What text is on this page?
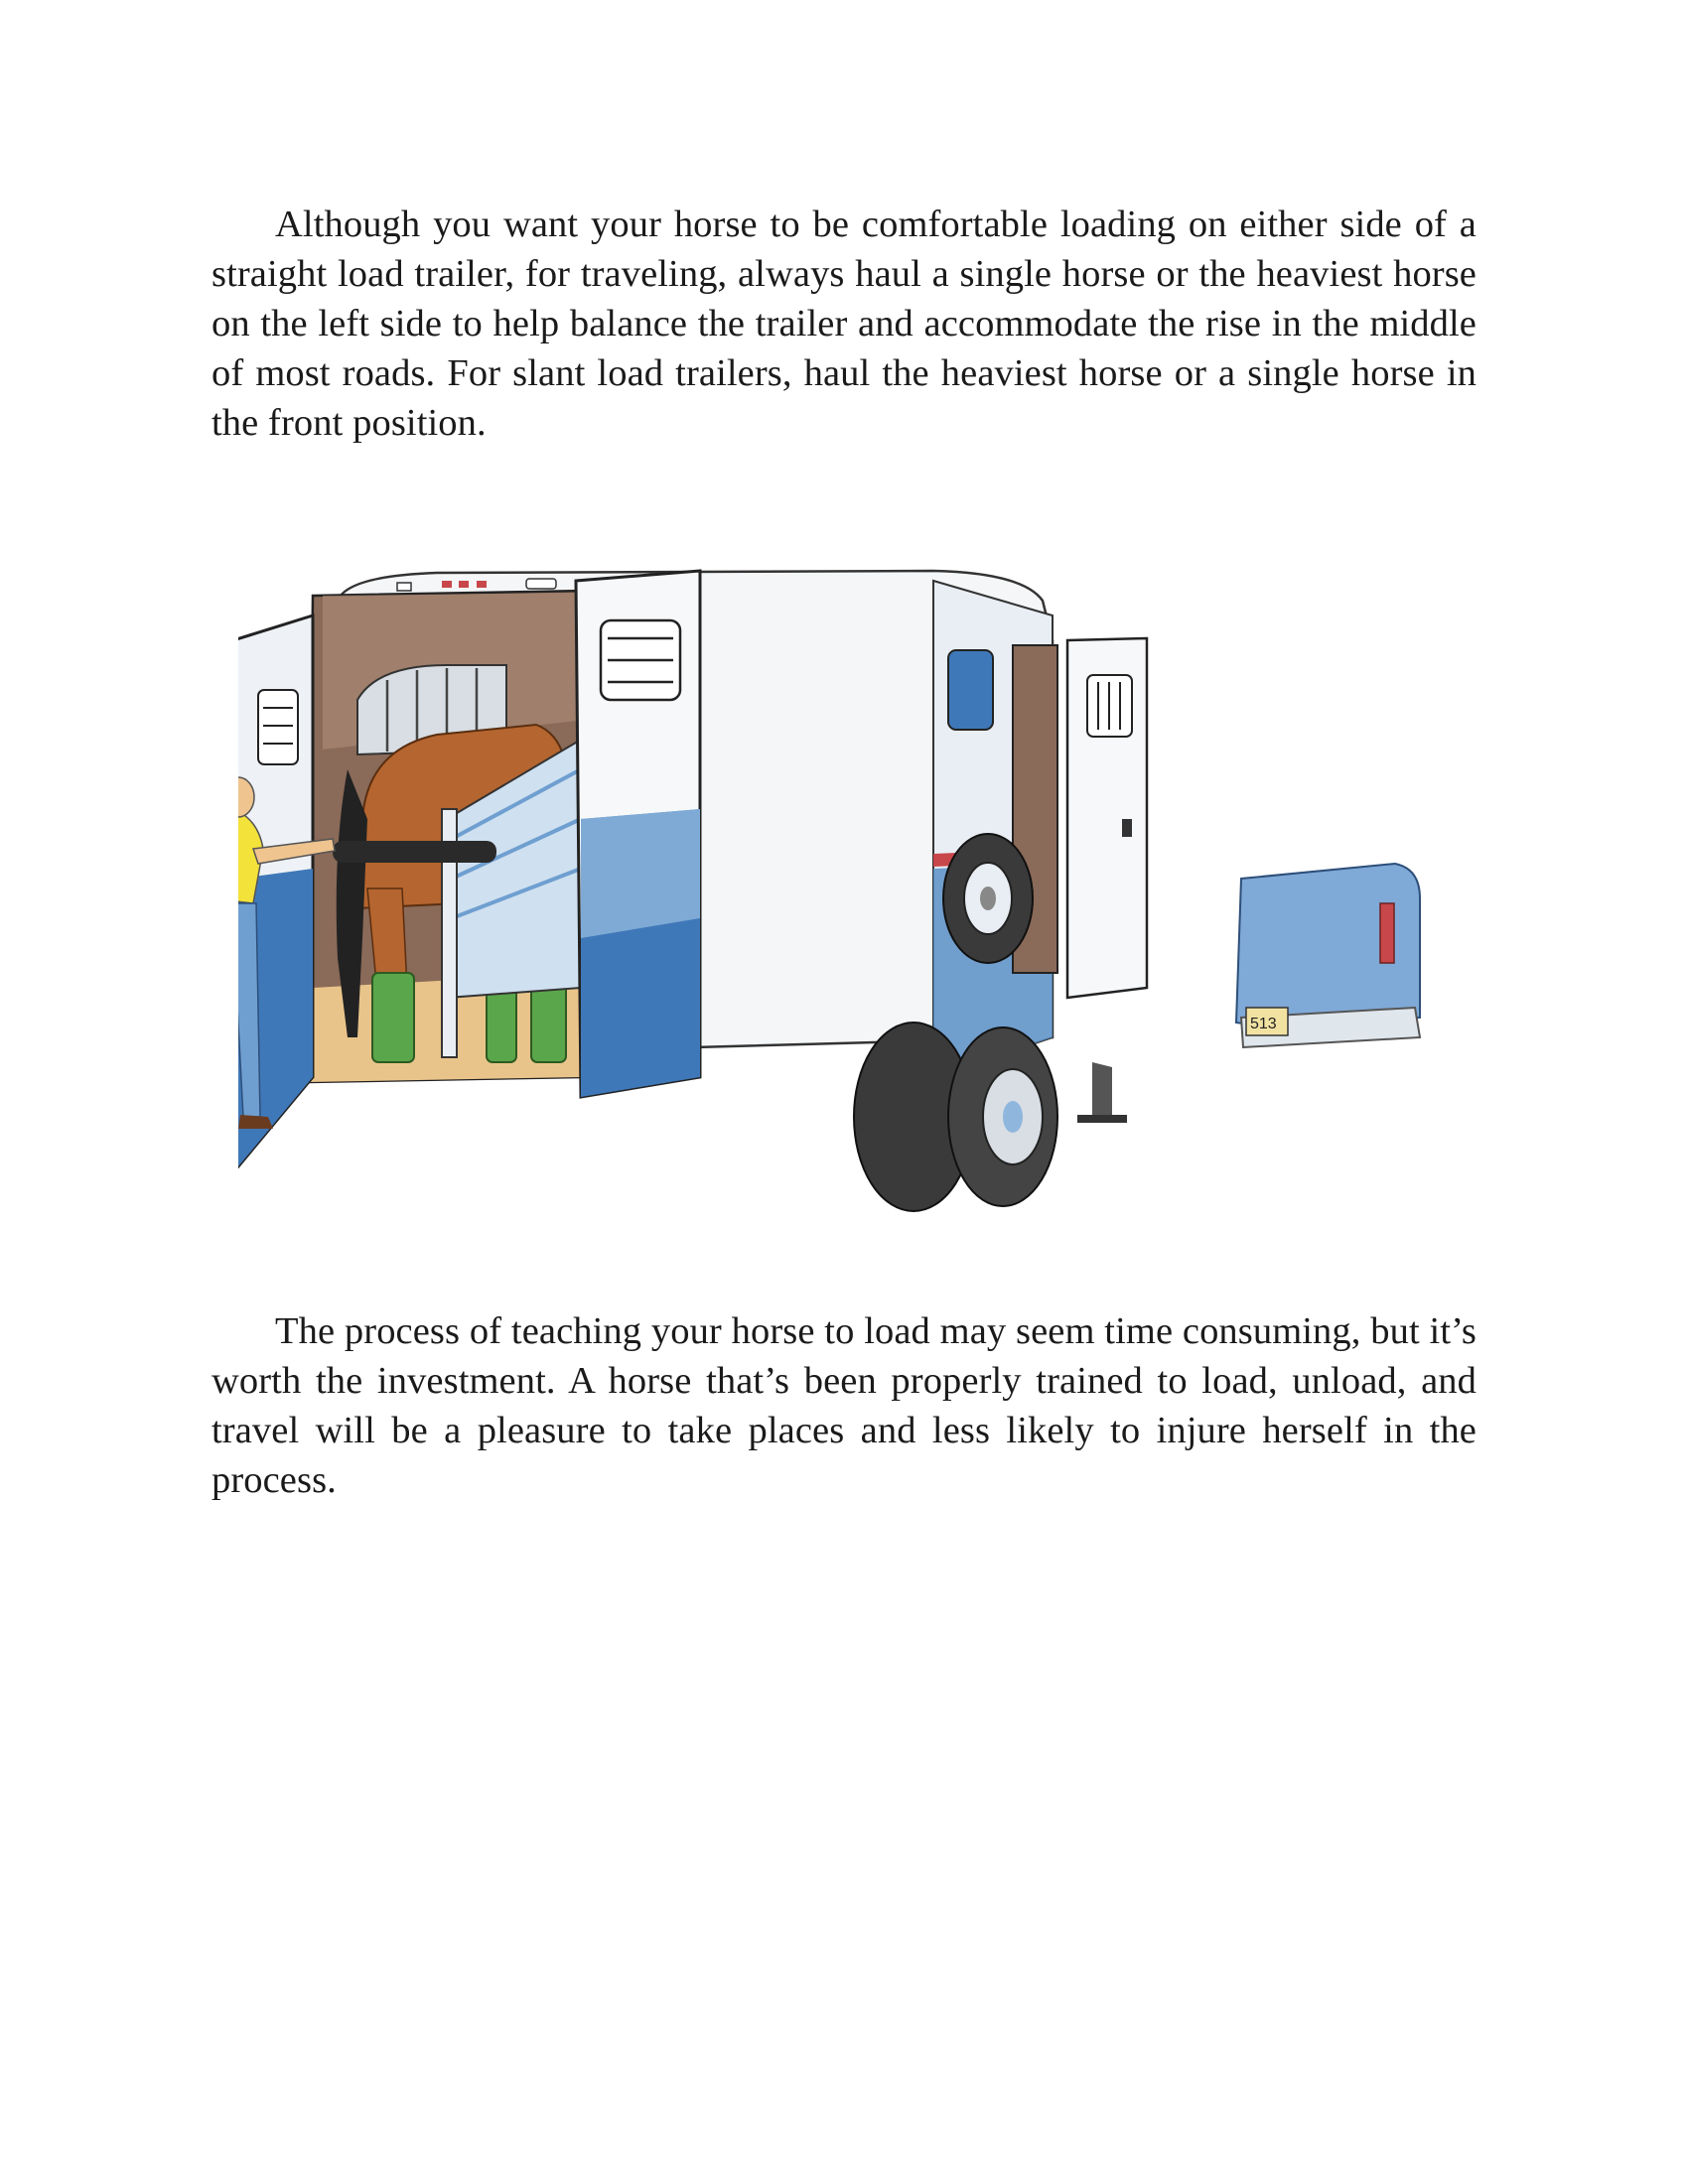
Although you want your horse to be comfortable loading on either side of a straight load trailer, for traveling, always haul a single horse or the heaviest horse on the left side to help balance the trailer and accommodate the rise in the middle of most roads. For slant load trailers, haul the heaviest horse or a single horse in the front position.

513

The process of teaching your horse to load may seem time consuming, but it’s worth the investment. A horse that’s been properly trained to load, unload, and travel will be a pleasure to take places and less likely to injure herself in the process.
